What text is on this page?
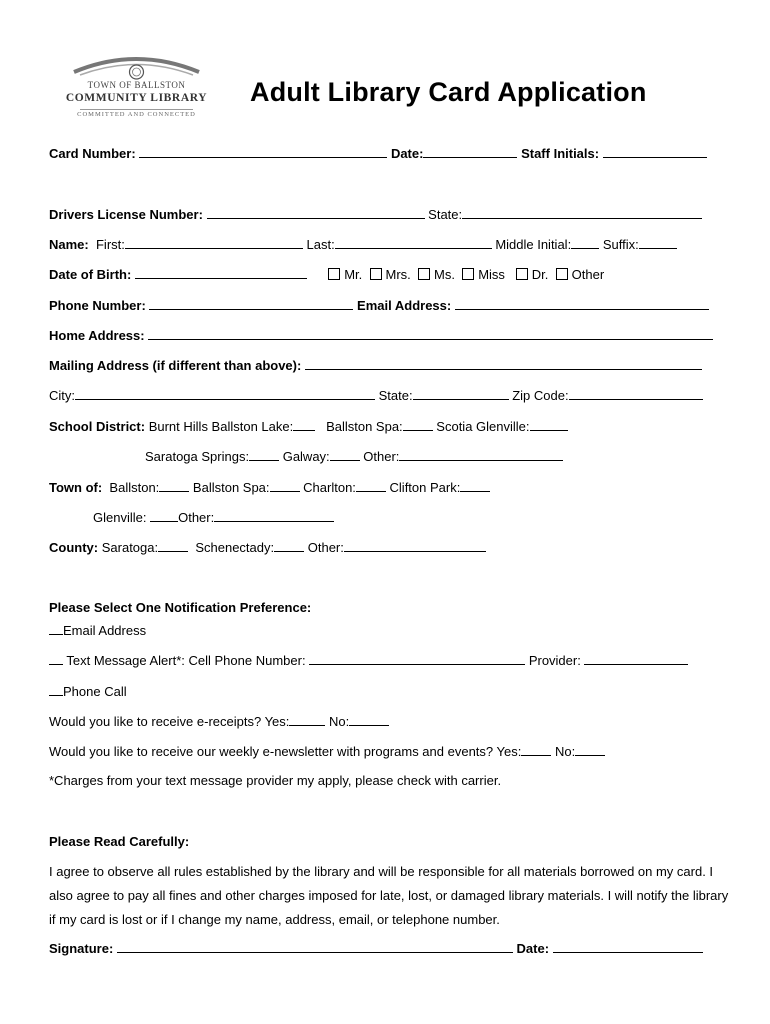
TOWN OF BALLSTON
COMMUNITY LIBRARY
COMMITTED AND CONNECTED
Adult Library Card Application
Card Number:	Date:	Staff Initials:
Drivers License Number:	State:
Name: First:	Last:	Middle Initial: Suffix:
Date of Birth:	Mr. Mrs. Ms. Miss Dr. Other
Phone Number:	Email Address:
Home Address:
Mailing Address (if different than above):
City:	State:	Zip Code:
School District: Burnt Hills Ballston Lake:	Ballston Spa:	Scotia Glenville:
Saratoga Springs:	Galway:	Other:
Town of: Ballston:	Ballston Spa:	Charlton:	Clifton Park:
Glenville: Other:
County: Saratoga:	Schenectady:	Other:
Please Select One Notification Preference:
Email Address
Text Message Alert*: Cell Phone Number:	Provider:
Phone Call
Would you like to receive e-receipts? Yes:	No:
Would you like to receive our weekly e-newsletter with programs and events? Yes:	No:
*Charges from your text message provider my apply, please check with carrier.
Please Read Carefully:
I agree to observe all rules established by the library and will be responsible for all materials borrowed on my card. I also agree to pay all fines and other charges imposed for late, lost, or damaged library materials. I will notify the library if my card is lost or if I change my name, address, email, or telephone number.
Signature:	Date:
